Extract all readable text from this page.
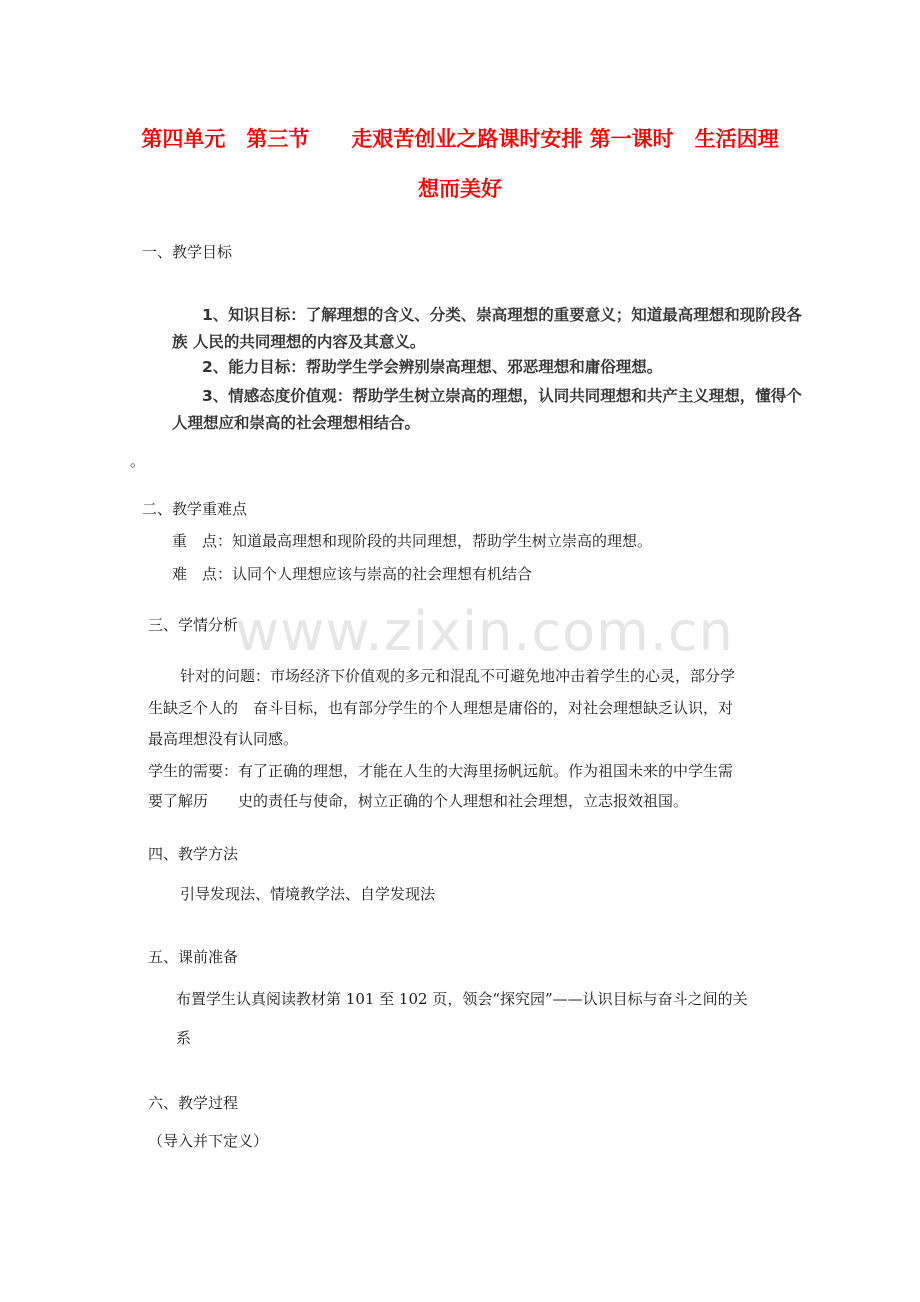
www.zixin.com.cn
第四单元　第三节　　走艰苦创业之路课时安排 第一课时　生活因理
想而美好
一、教学目标
1、知识目标：了解理想的含义、分类、崇高理想的重要意义；知道最高理想和现阶段各
族 人民的共同理想的内容及其意义。
2、能力目标：帮助学生学会辨别崇高理想、邪恶理想和庸俗理想。
3、情感态度价值观：帮助学生树立崇高的理想，认同共同理想和共产主义理想，懂得个
人理想应和崇高的社会理想相结合。
。
二、教学重难点
重　点：知道最高理想和现阶段的共同理想，帮助学生树立崇高的理想。
难　点：认同个人理想应该与崇高的社会理想有机结合
三、学情分析
针对的问题：市场经济下价值观的多元和混乱不可避免地冲击着学生的心灵，部分学
生缺乏个人的　奋斗目标，也有部分学生的个人理想是庸俗的，对社会理想缺乏认识，对
最高理想没有认同感。
学生的需要：有了正确的理想，才能在人生的大海里扬帆远航。作为祖国未来的中学生需
要了解历　　史的责任与使命，树立正确的个人理想和社会理想，立志报效祖国。
四、教学方法
引导发现法、情境教学法、自学发现法
五、课前准备
布置学生认真阅读教材第 101 至 102 页，领会“探究园”——认识目标与奋斗之间的关
系
六、教学过程
（导入并下定义）
